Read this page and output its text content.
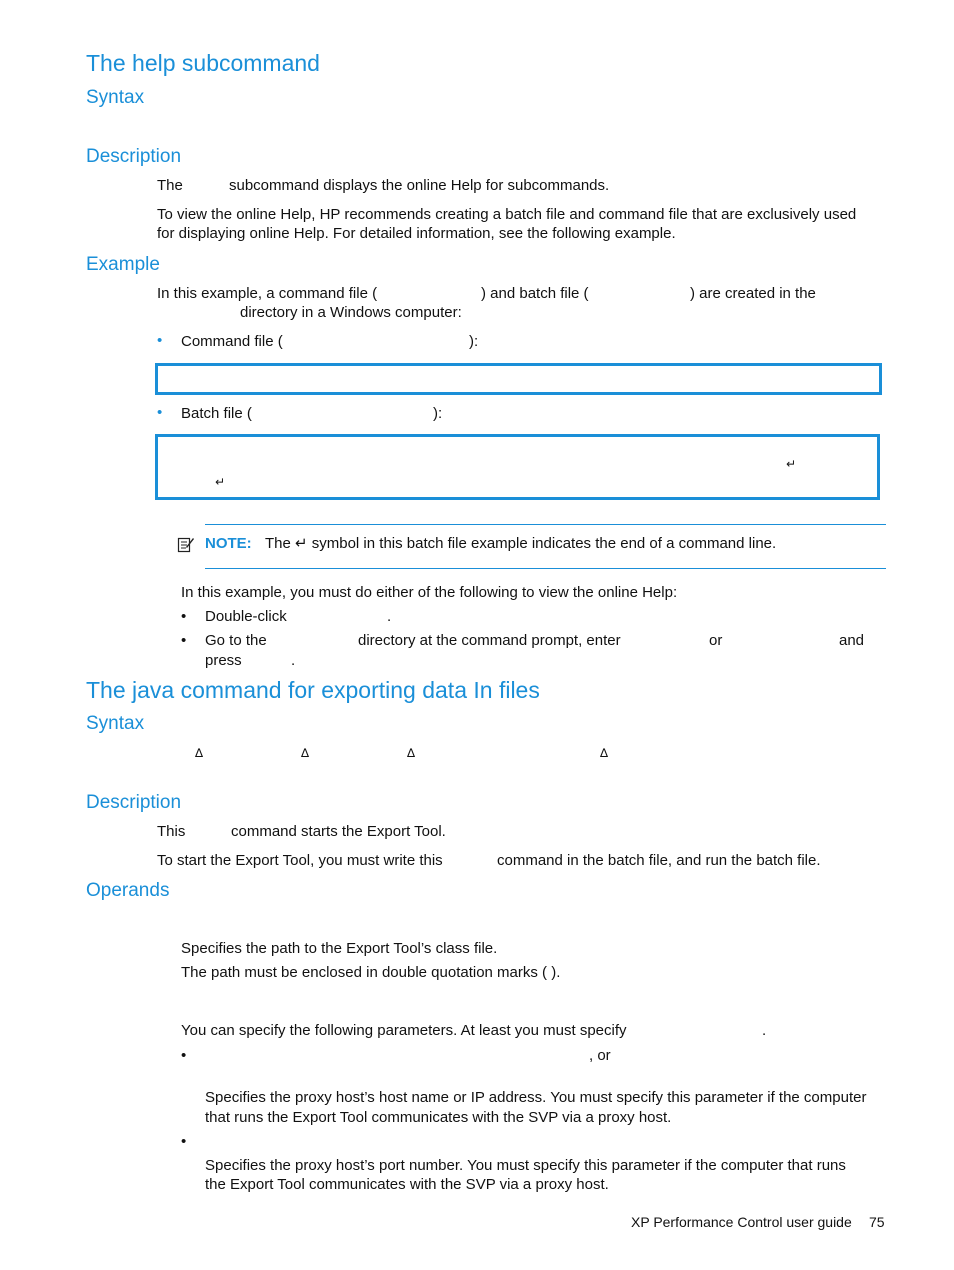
The help subcommand
Syntax
Description
The	subcommand displays the online Help for subcommands.
To view the online Help, HP recommends creating a batch file and command file that are exclusively used
for displaying online Help. For detailed information, see the following example.
Example
In this example, a command file (	) and batch file (	) are created in the
directory in a Windows computer:
• Command file (	):
• Batch file (	):
↵
↵
NOTE: The ↵ symbol in this batch file example indicates the end of a command line.
In this example, you must do either of the following to view the online Help:
• Double-click	.
• Go to the	directory at the command prompt, enter	or	and
press	.
The java command for exporting data In files
Syntax
∆	∆	∆	∆
Description
This	command starts the Export Tool.
To start the Export Tool, you must write this	command in the batch file, and run the batch file.
Operands
Specifies the path to the Export Tool’s class file.
The path must be enclosed in double quotation marks ( ).
You can specify the following parameters. At least you must specify	.
•	, or
Specifies the proxy host’s host name or IP address. You must specify this parameter if the computer
that runs the Export Tool communicates with the SVP via a proxy host.
•
Specifies the proxy host’s port number. You must specify this parameter if the computer that runs
the Export Tool communicates with the SVP via a proxy host.
XP Performance Control user guide 75
